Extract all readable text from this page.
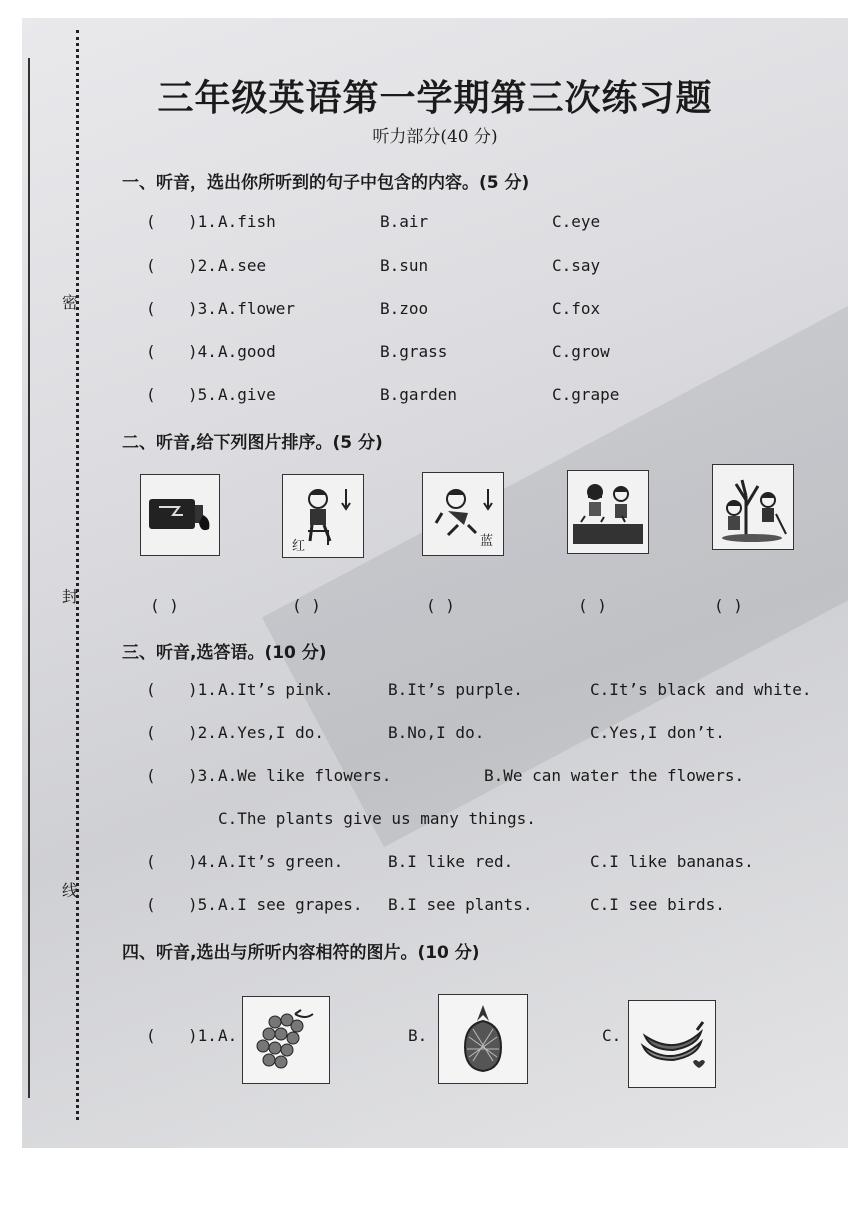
密
封
线
三年级英语第一学期第三次练习题
听力部分(40 分)
一、听音，选出你所听到的句子中包含的内容。(5 分)
( )1. A.fish	B.air	C.eye
( )2. A.see	B.sun	C.say
( )3. A.flower	B.zoo	C.fox
( )4. A.good	B.grass	C.grow
( )5. A.give	B.garden	C.grape
二、听音,给下列图片排序。(5 分)
红	蓝
( )	( )	( )	( )	( )
三、听音,选答语。(10 分)
( )1. A.It’s pink.	B.It’s purple.	C.It’s black and white.
( )2. A.Yes,I do.	B.No,I do.	C.Yes,I don’t.
( )3. A.We like flowers.	B.We can water the flowers.
C.The plants give us many things.
( )4. A.It’s green.	B.I like red.	C.I like bananas.
( )5. A.I see grapes. B.I see plants.	C.I see birds.
四、听音,选出与所听内容相符的图片。(10 分)
( )1. A.	B.	C.
